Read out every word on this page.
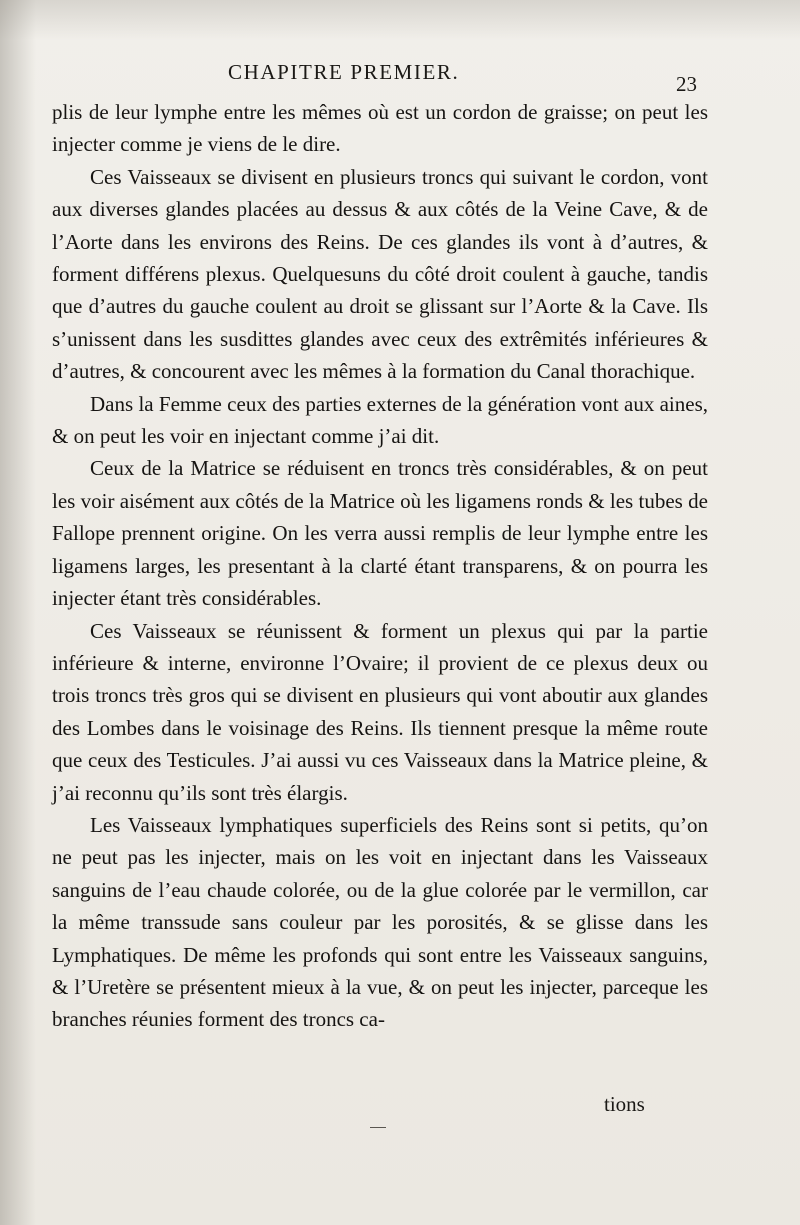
CHAPITRE PREMIER.	23

plis de leur lymphe entre les mêmes où est un cordon de graisse; on peut les injecter comme je viens de le dire.

Ces Vaisseaux se divisent en plusieurs troncs qui suivant le cordon, vont aux diverses glandes placées au dessus & aux côtés de la Veine Cave, & de l’Aorte dans les environs des Reins. De ces glandes ils vont à d’autres, & forment différens plexus. Quelquesuns du côté droit coulent à gauche, tandis que d’autres du gauche coulent au droit se glissant sur l’Aorte & la Cave. Ils s’unissent dans les susdittes glandes avec ceux des extrêmités inférieures & d’autres, & concourent avec les mêmes à la formation du Canal thorachique.

Dans la Femme ceux des parties externes de la génération vont aux aines, & on peut les voir en injectant comme j’ai dit.

Ceux de la Matrice se réduisent en troncs très considérables, & on peut les voir aisément aux côtés de la Matrice où les ligamens ronds & les tubes de Fallope prennent origine. On les verra aussi remplis de leur lymphe entre les ligamens larges, les presentant à la clarté étant transparens, & on pourra les injecter étant très considérables.

Ces Vaisseaux se réunissent & forment un plexus qui par la partie inférieure & interne, environne l’Ovaire; il provient de ce plexus deux ou trois troncs très gros qui se divisent en plusieurs qui vont aboutir aux glandes des Lombes dans le voisinage des Reins. Ils tiennent presque la même route que ceux des Testicules. J’ai aussi vu ces Vaisseaux dans la Matrice pleine, & j’ai reconnu qu’ils sont très élargis.

Les Vaisseaux lymphatiques superficiels des Reins sont si petits, qu’on ne peut pas les injecter, mais on les voit en injectant dans les Vaisseaux sanguins de l’eau chaude colorée, ou de la glue colorée par le vermillon, car la même transsude sans couleur par les porosités, & se glisse dans les Lymphatiques. De même les profonds qui sont entre les Vaisseaux sanguins, & l’Uretère se présentent mieux à la vue, & on peut les injecter, parceque les branches réunies forment des troncs ca-

tions
